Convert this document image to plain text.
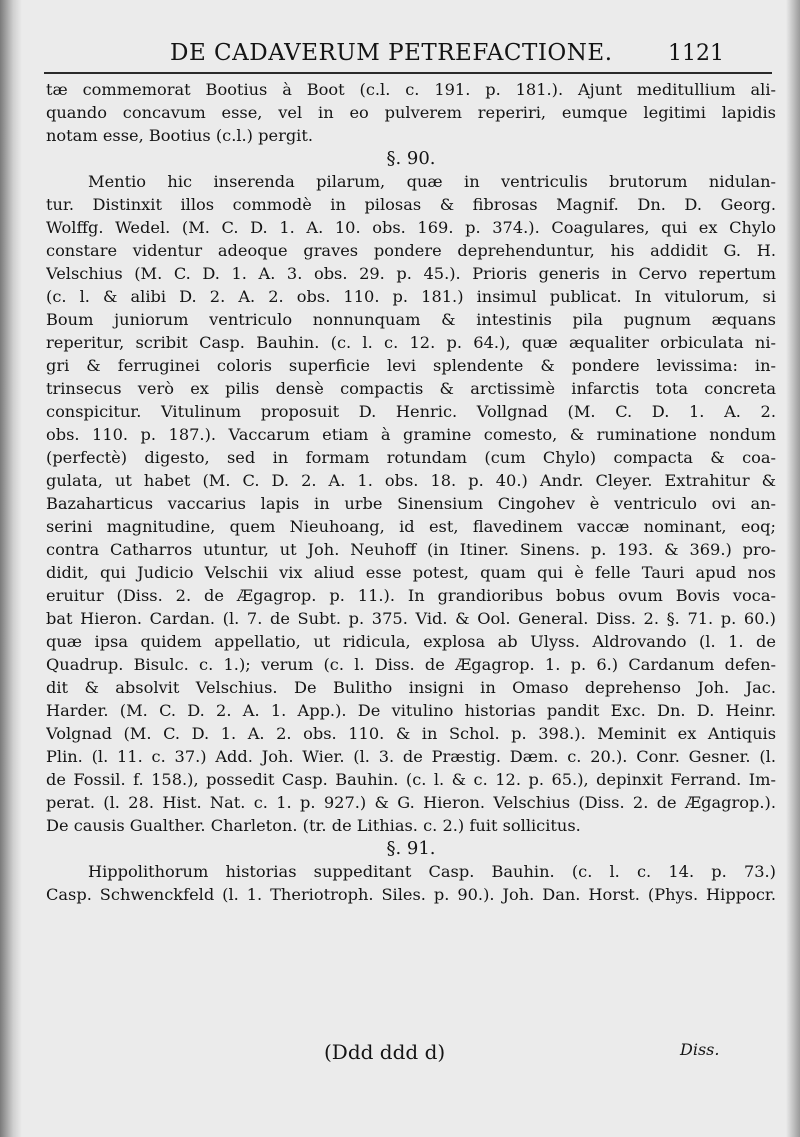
DE CADAVERUM PETREFACTIONE.	1121
tæ commemorat Bootius à Boot (c.l. c. 191. p. 181.). Ajunt meditullium ali-
quando concavum esse, vel in eo pulverem reperiri, eumque legitimi lapidis
notam esse, Bootius (c.l.) pergit.
§. 90.
Mentio hic inserenda pilarum, quæ in ventriculis brutorum nidulan-
tur. Distinxit illos commodè in pilosas & fibrosas Magnif. Dn. D. Georg.
Wolffg. Wedel. (M. C. D. 1. A. 10. obs. 169. p. 374.). Coagulares, qui ex Chylo
constare videntur adeoque graves pondere deprehenduntur, his addidit G. H.
Velschius (M. C. D. 1. A. 3. obs. 29. p. 45.). Prioris generis in Cervo repertum
(c. l. & alibi D. 2. A. 2. obs. 110. p. 181.) insimul publicat. In vitulorum, si
Boum juniorum ventriculo nonnunquam & intestinis pila pugnum æquans
reperitur, scribit Casp. Bauhin. (c. l. c. 12. p. 64.), quæ æqualiter orbiculata ni-
gri & ferruginei coloris superficie levi splendente & pondere levissima: in-
trinsecus verò ex pilis densè compactis & arctissimè infarctis tota concreta
conspicitur. Vitulinum proposuit D. Henric. Vollgnad (M. C. D. 1. A. 2.
obs. 110. p. 187.). Vaccarum etiam à gramine comesto, & ruminatione nondum
(perfectè) digesto, sed in formam rotundam (cum Chylo) compacta & coa-
gulata, ut habet (M. C. D. 2. A. 1. obs. 18. p. 40.) Andr. Cleyer. Extrahitur &
Bazaharticus vaccarius lapis in urbe Sinensium Cingohev è ventriculo ovi an-
serini magnitudine, quem Nieuhoang, id est, flavedinem vaccæ nominant, eoq;
contra Catharros utuntur, ut Joh. Neuhoff (in Itiner. Sinens. p. 193. & 369.) pro-
didit, qui Judicio Velschii vix aliud esse potest, quam qui è felle Tauri apud nos
eruitur (Diss. 2. de Ægagrop. p. 11.). In grandioribus bobus ovum Bovis voca-
bat Hieron. Cardan. (l. 7. de Subt. p. 375. Vid. & Ool. General. Diss. 2. §. 71. p. 60.)
quæ ipsa quidem appellatio, ut ridicula, explosa ab Ulyss. Aldrovando (l. 1. de
Quadrup. Bisulc. c. 1.); verum (c. l. Diss. de Ægagrop. 1. p. 6.) Cardanum defen-
dit & absolvit Velschius. De Bulitho insigni in Omaso deprehenso Joh. Jac.
Harder. (M. C. D. 2. A. 1. App.). De vitulino historias pandit Exc. Dn. D. Heinr.
Volgnad (M. C. D. 1. A. 2. obs. 110. & in Schol. p. 398.). Meminit ex Antiquis
Plin. (l. 11. c. 37.) Add. Joh. Wier. (l. 3. de Præstig. Dæm. c. 20.). Conr. Gesner. (l.
de Fossil. f. 158.), possedit Casp. Bauhin. (c. l. & c. 12. p. 65.), depinxit Ferrand. Im-
perat. (l. 28. Hist. Nat. c. 1. p. 927.) & G. Hieron. Velschius (Diss. 2. de Ægagrop.).
De causis Gualther. Charleton. (tr. de Lithias. c. 2.) fuit sollicitus.
§. 91.
Hippolithorum historias suppeditant Casp. Bauhin. (c. l. c. 14. p. 73.)
Casp. Schwenckfeld (l. 1. Theriotroph. Siles. p. 90.). Joh. Dan. Horst. (Phys. Hippocr.
(Ddd ddd d)	Diss.
